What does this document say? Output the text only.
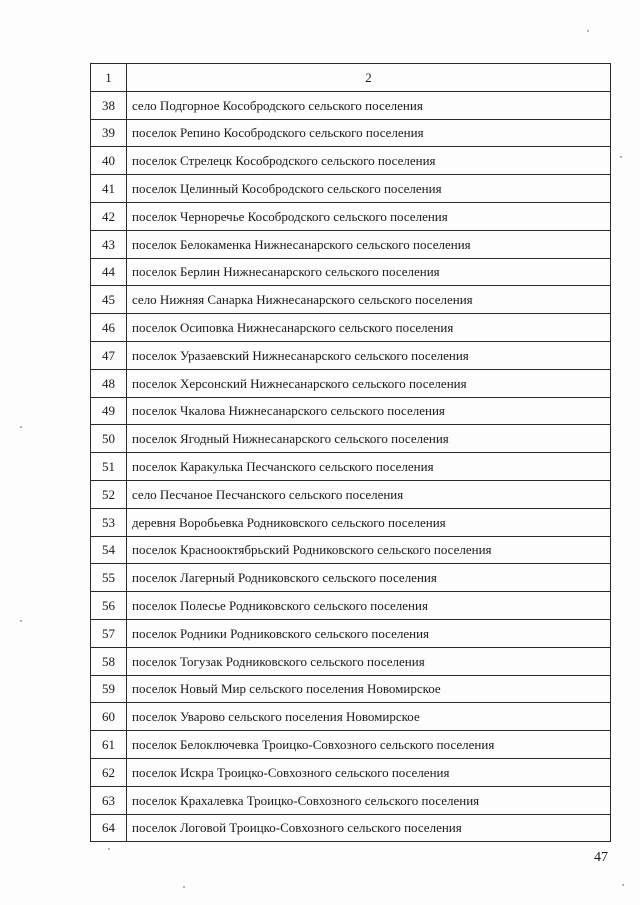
1	2
38	село Подгорное Кособродского сельского поселения
39	поселок Репино Кособродского сельского поселения
40	поселок Стрелецк Кособродского сельского поселения
41	поселок Целинный Кособродского сельского поселения
42	поселок Черноречье Кособродского сельского поселения
43	поселок Белокаменка Нижнесанарского сельского поселения
44	поселок Берлин Нижнесанарского сельского поселения
45	село Нижняя Санарка Нижнесанарского сельского поселения
46	поселок Осиповка Нижнесанарского сельского поселения
47	поселок Уразаевский Нижнесанарского сельского поселения
48	поселок Херсонский Нижнесанарского сельского поселения
49	поселок Чкалова Нижнесанарского сельского поселения
50	поселок Ягодный Нижнесанарского сельского поселения
51	поселок Каракулька Песчанского сельского поселения
52	село Песчаное Песчанского сельского поселения
53	деревня Воробьевка Родниковского сельского поселения
54	поселок Краснооктябрьский Родниковского сельского поселения
55	поселок Лагерный Родниковского сельского поселения
56	поселок Полесье Родниковского сельского поселения
57	поселок Родники Родниковского сельского поселения
58	поселок Тогузак Родниковского сельского поселения
59	поселок Новый Мир сельского поселения Новомирское
60	поселок Уварово сельского поселения Новомирское
61	поселок Белоключевка Троицко-Совхозного сельского поселения
62	поселок Искра Троицко-Совхозного сельского поселения
63	поселок Крахалевка Троицко-Совхозного сельского поселения
64	поселок Логовой Троицко-Совхозного сельского поселения
47
